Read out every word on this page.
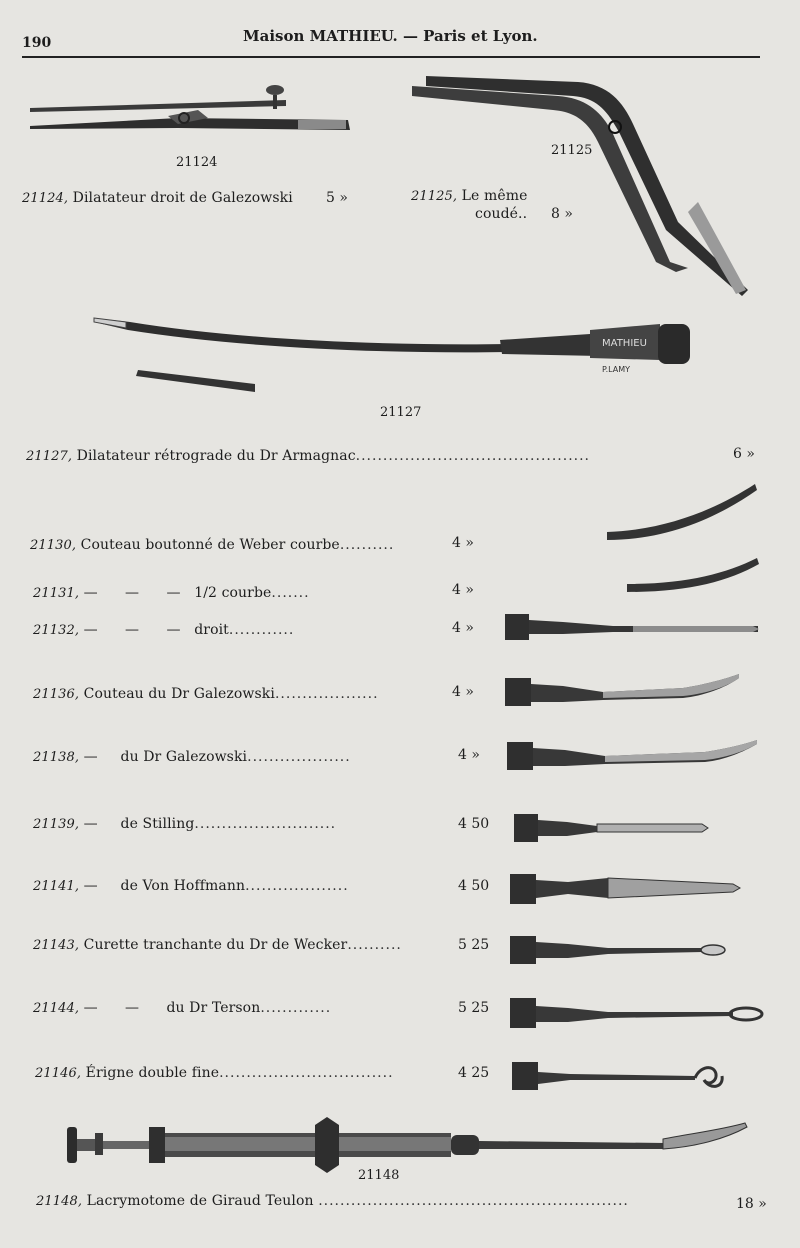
190	Maison MATHIEU. — Paris et Lyon.
21124
21125
21124, Dilatateur droit de Galezowski 5 »	21125, Le même
coudé.. 8 »
MATHIEU
P.LAMY
21127
21127, Dilatateur rétrograde du Dr Armagnac...........................................	6 »
21130, Couteau boutonné de Weber courbe..........	4 »
21131, —      —      —   1/2 courbe.......	4 »
21132, —      —      —   droit............	4 »
21136, Couteau du Dr Galezowski...................	4 »
21138, —     du Dr Galezowski...................	4 »
21139, —     de Stilling..........................	4 50
21141, —     de Von Hoffmann...................	4 50
21143, Curette tranchante du Dr de Wecker..........	5 25
21144, —      —      du Dr Terson.............	5 25
21146, Érigne double fine................................	4 25
21148
21148, Lacrymotome de Giraud Teulon .........................................................	18 »
